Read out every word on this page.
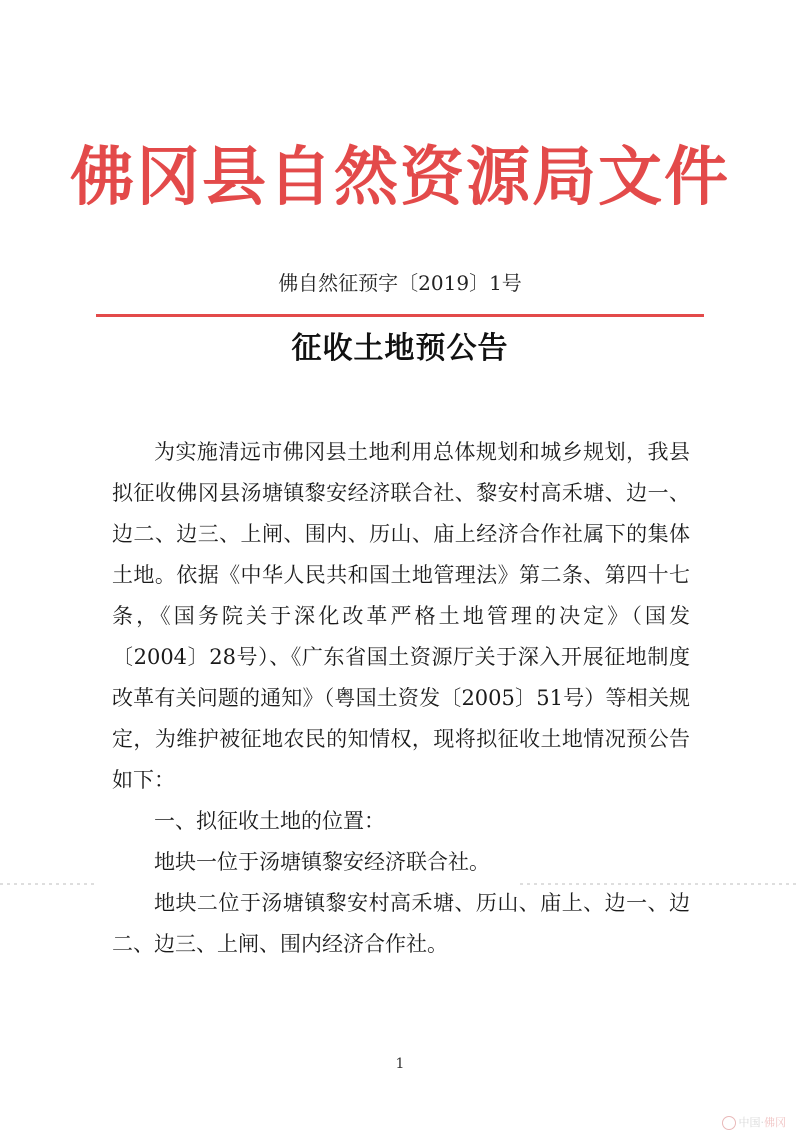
佛冈县自然资源局文件
佛自然征预字〔2019〕1号
征收土地预公告

为实施清远市佛冈县土地利用总体规划和城乡规划，我县拟征收佛冈县汤塘镇黎安经济联合社、黎安村高禾塘、边一、边二、边三、上闸、围内、历山、庙上经济合作社属下的集体土地。依据《中华人民共和国土地管理法》第二条、第四十七条，《国务院关于深化改革严格土地管理的决定》（国发〔2004〕28号）、《广东省国土资源厅关于深入开展征地制度改革有关问题的通知》（粤国土资发〔2005〕51号）等相关规定，为维护被征地农民的知情权，现将拟征收土地情况预公告如下：

一、拟征收土地的位置：

地块一位于汤塘镇黎安经济联合社。

地块二位于汤塘镇黎安村高禾塘、历山、庙上、边一、边二、边三、上闸、围内经济合作社。

1
中国·佛冈
